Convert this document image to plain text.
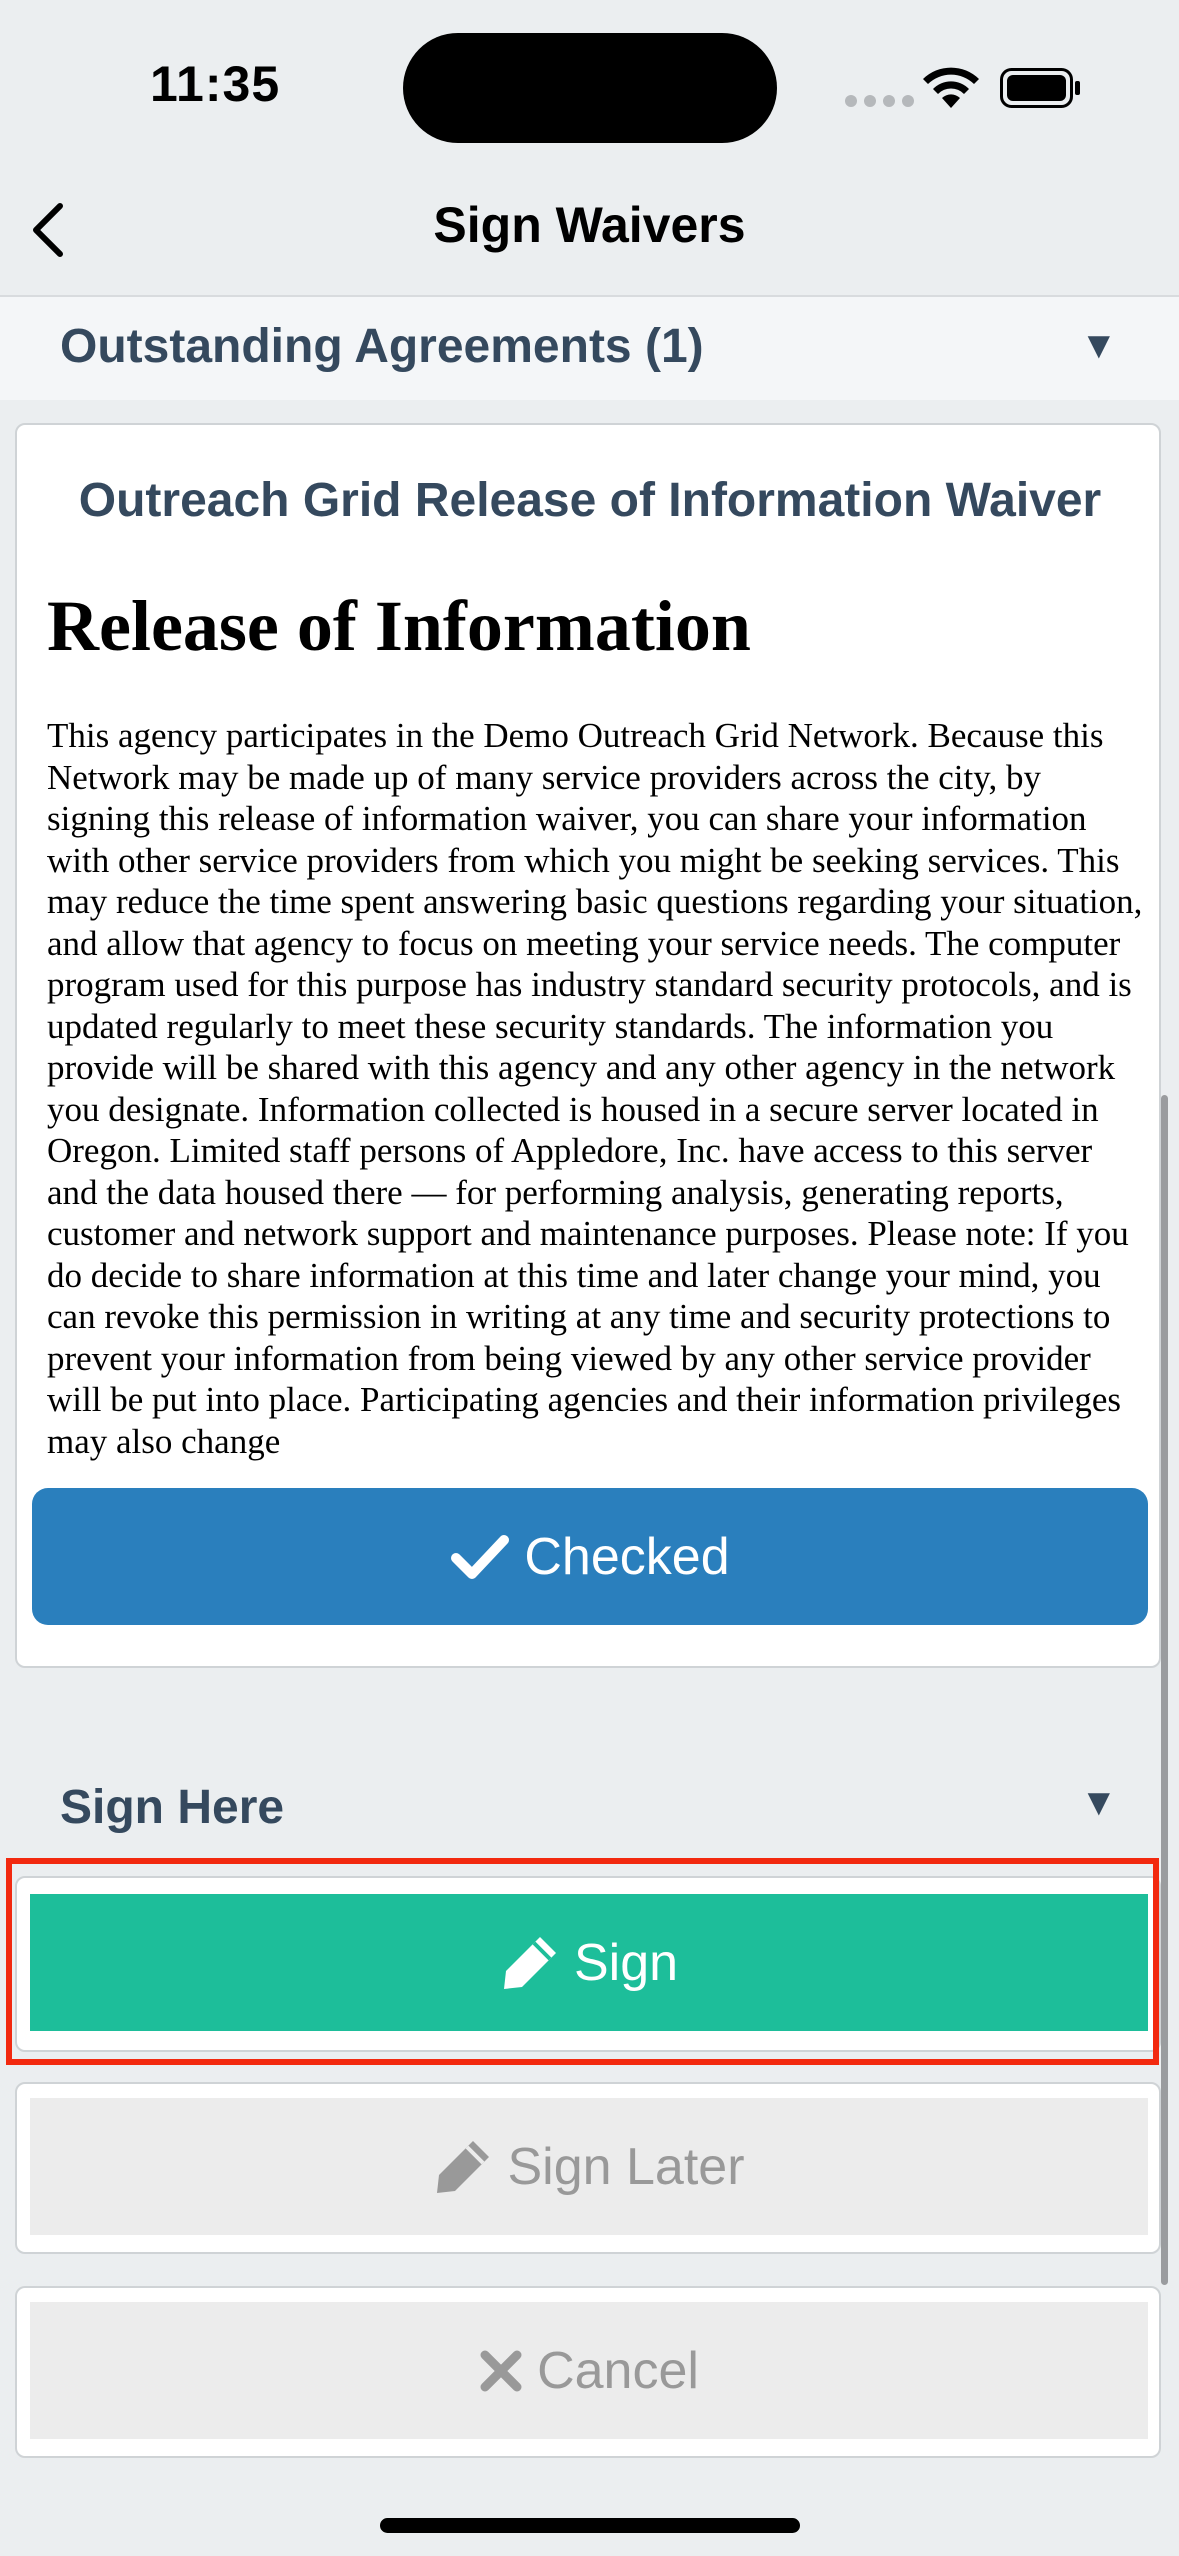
11:35
Sign Waivers
Outstanding Agreements (1)	▼
Outreach Grid Release of Information Waiver
Release of Information
This agency participates in the Demo Outreach Grid Network. Because this Network may be made up of many service providers across the city, by signing this release of information waiver, you can share your information with other service providers from which you might be seeking services. This may reduce the time spent answering basic questions regarding your situation, and allow that agency to focus on meeting your service needs. The computer program used for this purpose has industry standard security protocols, and is updated regularly to meet these security standards. The information you provide will be shared with this agency and any other agency in the network you designate. Information collected is housed in a secure server located in Oregon. Limited staff persons of Appledore, Inc. have access to this server and the data housed there — for performing analysis, generating reports, customer and network support and maintenance purposes. Please note: If you do decide to share information at this time and later change your mind, you can revoke this permission in writing at any time and security protections to prevent your information from being viewed by any other service provider will be put into place. Participating agencies and their information privileges may also change
Checked
Sign Here	▼
Sign
Sign Later
Cancel
